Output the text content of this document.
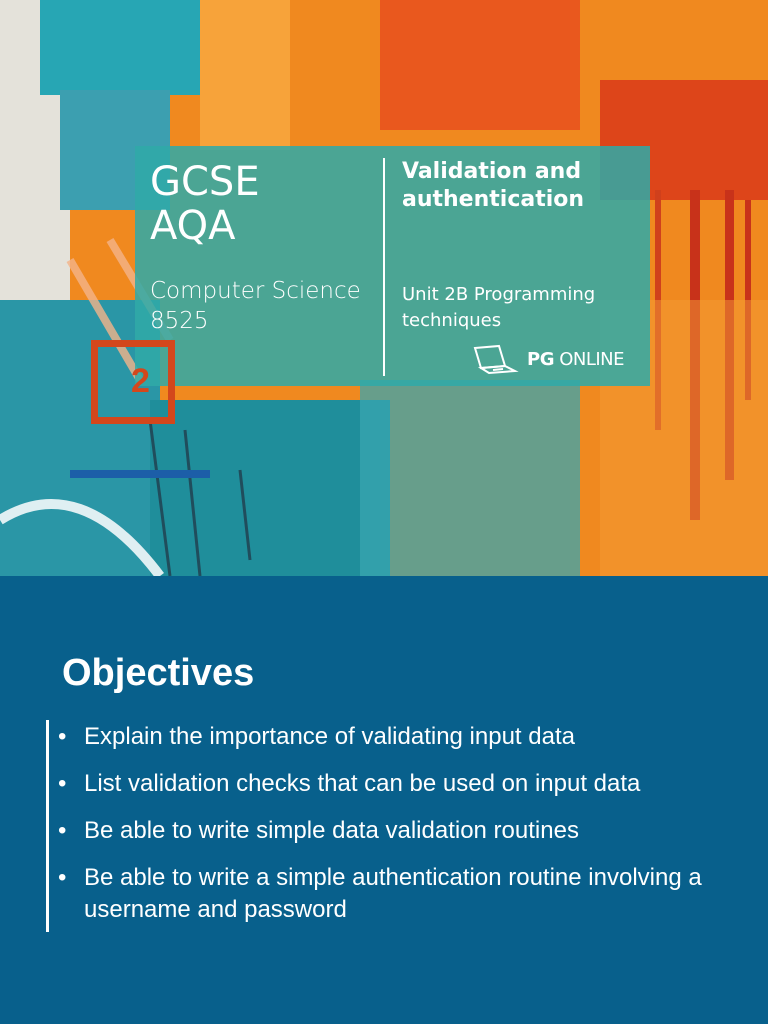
GCSE
AQA
Computer Science
8525
Validation and authentication
Unit 2B Programming techniques
PG ONLINE
2
Objectives
• Explain the importance of validating input data
• List validation checks that can be used on input data
• Be able to write simple data validation routines
• Be able to write a simple authentication routine involving a username and password
